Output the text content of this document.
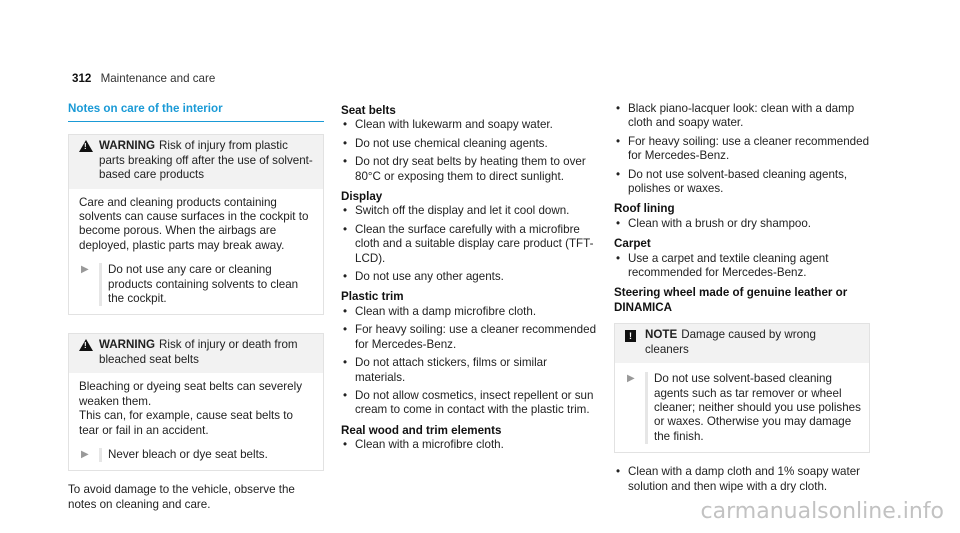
312 Maintenance and care
Notes on care of the interior
!
WARNING Risk of injury from plastic parts breaking off after the use of solvent-based care products

Care and cleaning products containing solvents can cause surfaces in the cockpit to become porous. When the airbags are deployed, plastic parts may break away.

▶	Do not use any care or cleaning products containing solvents to clean the cockpit.
!
WARNING Risk of injury or death from bleached seat belts

Bleaching or dyeing seat belts can severely weaken them.

This can, for example, cause seat belts to tear or fail in an accident.

▶	Never bleach or dye seat belts.

To avoid damage to the vehicle, observe the notes on cleaning and care.

Seat belts
• Clean with lukewarm and soapy water.
• Do not use chemical cleaning agents.
• Do not dry seat belts by heating them to over 80°C or exposing them to direct sunlight.
Display
• Switch off the display and let it cool down.
• Clean the surface carefully with a microfibre cloth and a suitable display care product (TFT-LCD).
• Do not use any other agents.
Plastic trim
• Clean with a damp microfibre cloth.
• For heavy soiling: use a cleaner recommended for Mercedes-Benz.
• Do not attach stickers, films or similar materials.
• Do not allow cosmetics, insect repellent or sun cream to come in contact with the plastic trim.
Real wood and trim elements
• Clean with a microfibre cloth.
• Black piano-lacquer look: clean with a damp cloth and soapy water.
• For heavy soiling: use a cleaner recommended for Mercedes-Benz.
• Do not use solvent-based cleaning agents, polishes or waxes.
Roof lining
• Clean with a brush or dry shampoo.
Carpet
• Use a carpet and textile cleaning agent recommended for Mercedes-Benz.
Steering wheel made of genuine leather or DINAMICA
!	NOTE Damage caused by wrong cleaners
▶	Do not use solvent-based cleaning agents such as tar remover or wheel cleaner; neither should you use polishes or waxes. Otherwise you may damage the finish.
• Clean with a damp cloth and 1% soapy water solution and then wipe with a dry cloth.
carmanualsonline.info
